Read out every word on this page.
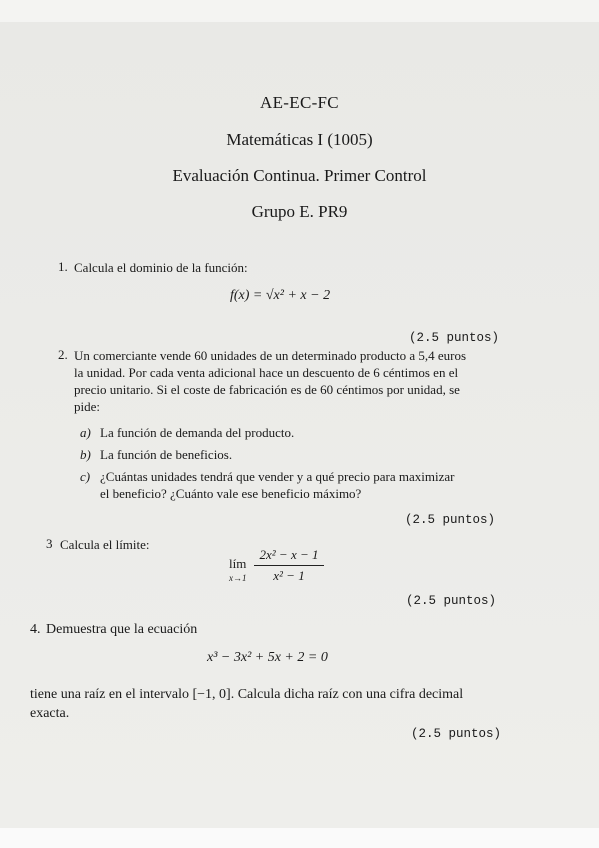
AE-EC-FC
Matemáticas I (1005)
Evaluación Continua. Primer Control
Grupo E. PR9
1. Calcula el dominio de la función:
f(x) = √x² + x − 2
(2.5 puntos)
2. Un comerciante vende 60 unidades de un determinado producto a 5,4 euros
la unidad. Por cada venta adicional hace un descuento de 6 céntimos en el
precio unitario. Si el coste de fabricación es de 60 céntimos por unidad, se
pide:
a) La función de demanda del producto.
b) La función de beneficios.
c) ¿Cuántas unidades tendrá que vender y a qué precio para maximizar
el beneficio? ¿Cuánto vale ese beneficio máximo?
(2.5 puntos)
3 Calcula el límite:
lím
$x\to 1 \frac{\text{2x² − x − 1}}{\text{x² − 1}}$
(2.5 puntos)
4. Demuestra que la ecuación
x³ − 3x² + 5x + 2 = 0
tiene una raíz en el intervalo [−1, 0]. Calcula dicha raíz con una cifra decimal
exacta.
(2.5 puntos)
